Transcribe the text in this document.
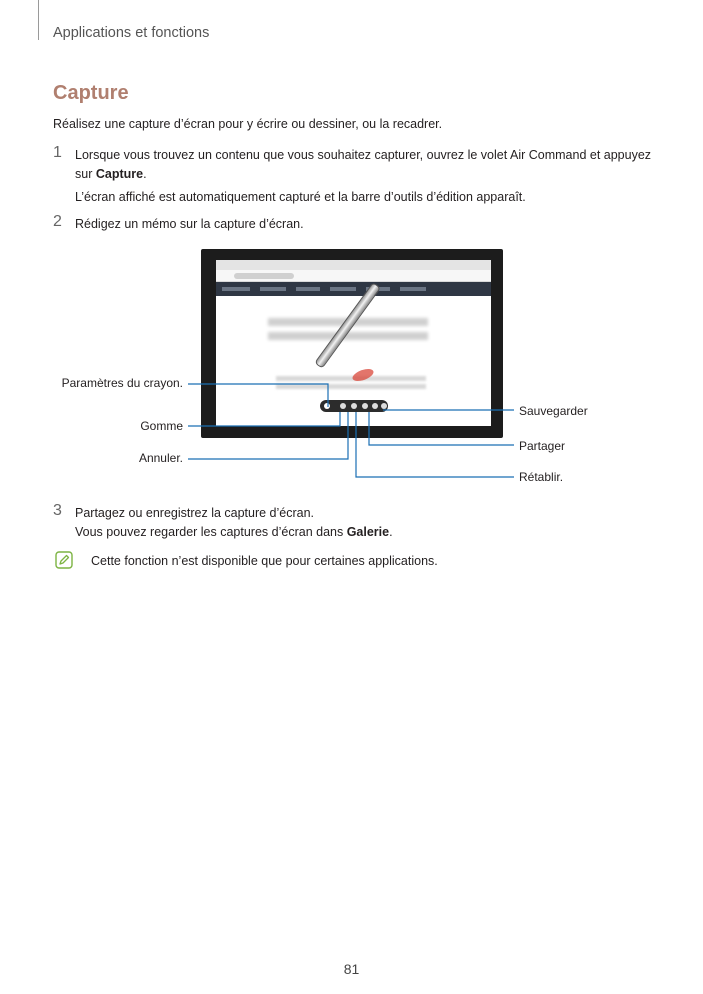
Applications et fonctions
Capture
Réalisez une capture d’écran pour y écrire ou dessiner, ou la recadrer.
1 Lorsque vous trouvez un contenu que vous souhaitez capturer, ouvrez le volet Air Command et appuyez
sur Capture.
L’écran affiché est automatiquement capturé et la barre d’outils d’édition apparaît.
2 Rédigez un mémo sur la capture d’écran.
Paramètres du crayon.
Gomme
Annuler.
Sauvegarder
Partager
Rétablir.
3 Partagez ou enregistrez la capture d’écran.
Vous pouvez regarder les captures d’écran dans Galerie.
Cette fonction n’est disponible que pour certaines applications.
81
